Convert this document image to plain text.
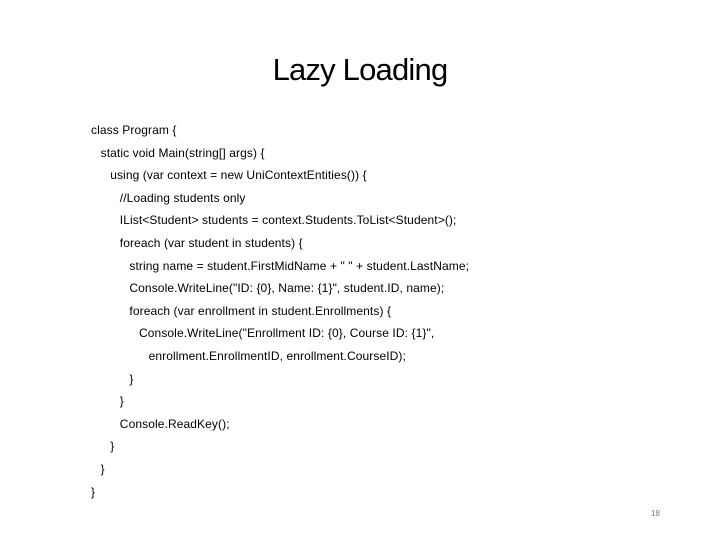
Lazy Loading
class Program {
static void Main(string[] args) {
using (var context = new UniContextEntities()) {
//Loading students only
IList<Student> students = context.Students.ToList<Student>();
foreach (var student in students) {
string name = student.FirstMidName + " " + student.LastName;
Console.WriteLine("ID: {0}, Name: {1}", student.ID, name);
foreach (var enrollment in student.Enrollments) {
Console.WriteLine("Enrollment ID: {0}, Course ID: {1}",
enrollment.EnrollmentID, enrollment.CourseID);
}
}
Console.ReadKey();
}
}
}
18
